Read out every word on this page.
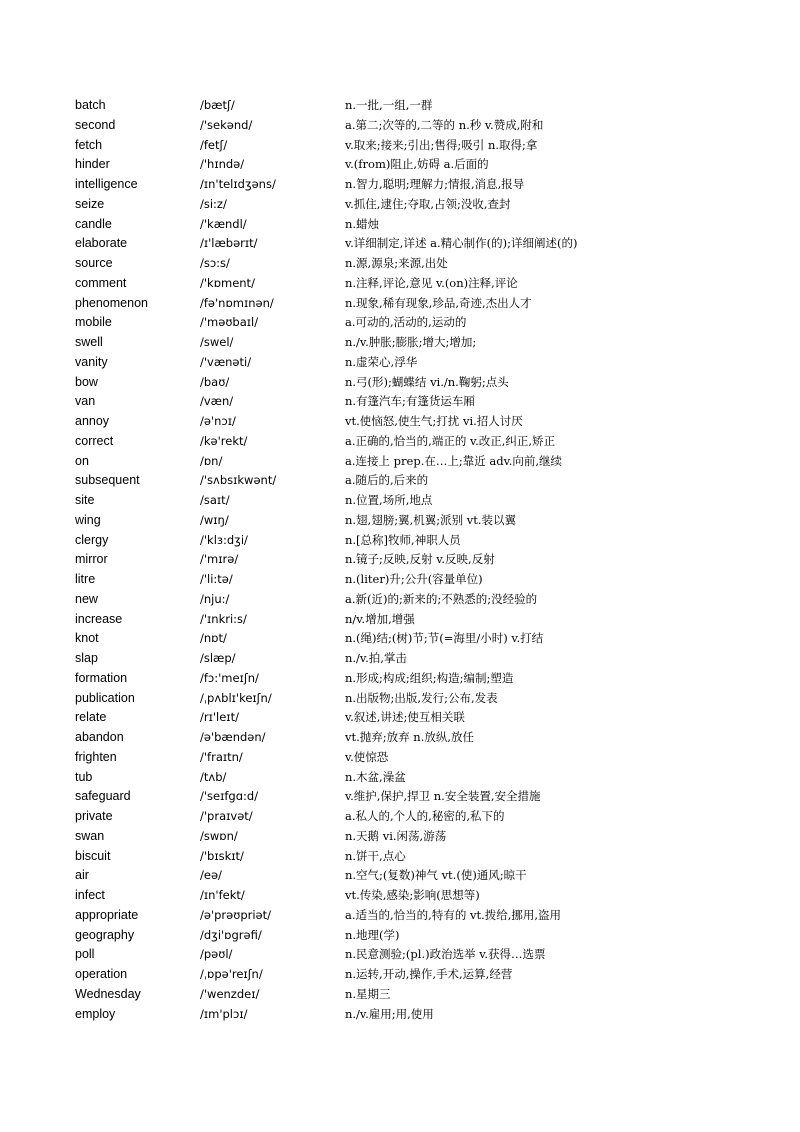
batch	/bætʃ/	n.一批,一组,一群
second	/'sekənd/	a.第二;次等的,二等的 n.秒 v.赞成,附和
fetch	/fetʃ/	v.取来;接来;引出;售得;吸引 n.取得;拿
hinder	/'hɪndə/	v.(from)阻止,妨碍 a.后面的
intelligence	/ɪn'telɪdʒəns/	n.智力,聪明;理解力;情报,消息,报导
seize	/si:z/	v.抓住,逮住;夺取,占领;没收,查封
candle	/'kændl/	n.蜡烛
elaborate	/ɪ'læbərɪt/	v.详细制定,详述 a.精心制作(的);详细阐述(的)
source	/sɔ:s/	n.源,源泉;来源,出处
comment	/'kɒment/	n.注释,评论,意见 v.(on)注释,评论
phenomenon	/fə'nɒmɪnən/	n.现象,稀有现象,珍品,奇迹,杰出人才
mobile	/'məʊbaɪl/	a.可动的,活动的,运动的
swell	/swel/	n./v.肿胀;膨胀;增大;增加;
vanity	/'vænəti/	n.虚荣心,浮华
bow	/baʊ/	n.弓(形);蝴蝶结 vi./n.鞠躬;点头
van	/væn/	n.有篷汽车;有篷货运车厢
annoy	/ə'nɔɪ/	vt.使恼怒,使生气;打扰 vi.招人讨厌
correct	/kə'rekt/	a.正确的,恰当的,端正的 v.改正,纠正,矫正
on	/ɒn/	a.连接上 prep.在…上;靠近 adv.向前,继续
subsequent	/'sʌbsɪkwənt/	a.随后的,后来的
site	/saɪt/	n.位置,场所,地点
wing	/wɪŋ/	n.翅,翅膀;翼,机翼;派别 vt.装以翼
clergy	/'klɜ:dʒi/	n.[总称]牧师,神职人员
mirror	/'mɪrə/	n.镜子;反映,反射 v.反映,反射
litre	/'li:tə/	n.(liter)升;公升(容量单位)
new	/nju:/	a.新(近)的;新来的;不熟悉的;没经验的
increase	/'ɪnkri:s/	n/v.增加,增强
knot	/nɒt/	n.(绳)结;(树)节;节(=海里/小时) v.打结
slap	/slæp/	n./v.拍,掌击
formation	/fɔ:'meɪʃn/	n.形成;构成;组织;构造;编制;塑造
publication	/ˌpʌblɪ'keɪʃn/	n.出版物;出版,发行;公布,发表
relate	/rɪ'leɪt/	v.叙述,讲述;使互相关联
abandon	/ə'bændən/	vt.抛弃;放弃 n.放纵,放任
frighten	/'fraɪtn/	v.使惊恐
tub	/tʌb/	n.木盆,澡盆
safeguard	/'seɪfgɑ:d/	v.维护,保护,捍卫 n.安全装置,安全措施
private	/'praɪvət/	a.私人的,个人的,秘密的,私下的
swan	/swɒn/	n.天鹅 vi.闲荡,游荡
biscuit	/'bɪskɪt/	n.饼干,点心
air	/eə/	n.空气;(复数)神气 vt.(使)通风;晾干
infect	/ɪn'fekt/	vt.传染,感染;影响(思想等)
appropriate	/ə'prəʊpriət/	a.适当的,恰当的,特有的 vt.拨给,挪用,盗用
geography	/dʒi'ɒgrəfi/	n.地理(学)
poll	/pəʊl/	n.民意测验;(pl.)政治选举 v.获得…选票
operation	/ˌɒpə'reɪʃn/	n.运转,开动,操作,手术,运算,经营
Wednesday	/'wenzdeɪ/	n.星期三
employ	/ɪm'plɔɪ/	n./v.雇用;用,使用
